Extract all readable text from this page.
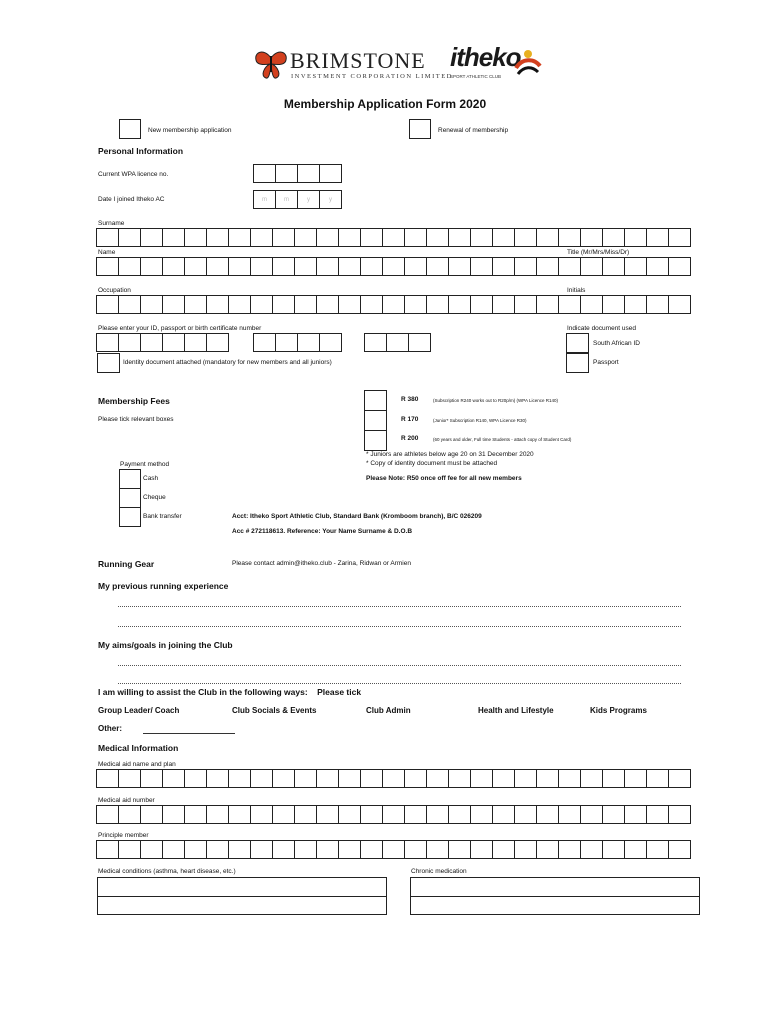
BRIMSTONE
INVESTMENT CORPORATION LIMITED
itheko
SPORT ATHLETIC CLUB
Membership Application Form 2020
New membership application	Renewal of membership
Personal Information
Current WPA licence no.
Date I joined Itheko AC	m	m	y	y
Surname
Name	Title (Mr/Mrs/Miss/Dr)
Occupation	Initials
Please enter your ID, passport or birth certificate number	Indicate document used
South African ID
Identity document attached (mandatory for new members and all juniors)	Passport
Membership Fees
Please tick relevant boxes
R 380	(Subscription R240 works out to R20p/m) (WPA Licence R140)
R 170	(Junior* Subscription R140, WPA Licence R30)
R 200	(60 years and older, Full time Students - attach copy of Student Card)
* Juniors are athletes below age 20 on 31 December 2020
* Copy of identity document must be attached
Payment method
Cash
Cheque
Bank transfer
Please Note: R50 once off fee for all new members
Acct: Itheko Sport Athletic Club, Standard Bank (Kromboom branch), B/C 026209
Acc # 272118613. Reference: Your Name Surname & D.O.B
Running Gear	Please contact admin@itheko.club - Zarina, Ridwan or Armien
My previous running experience
My aims/goals in joining the Club
I am willing to assist the Club in the following ways:    Please tick
Group Leader/ Coach	Club Socials & Events	Club Admin	Health and Lifestyle	Kids Programs
Other:
Medical Information
Medical aid name and plan
Medical aid number
Principle member
Medical conditions (asthma, heart disease, etc.)	Chronic medication
